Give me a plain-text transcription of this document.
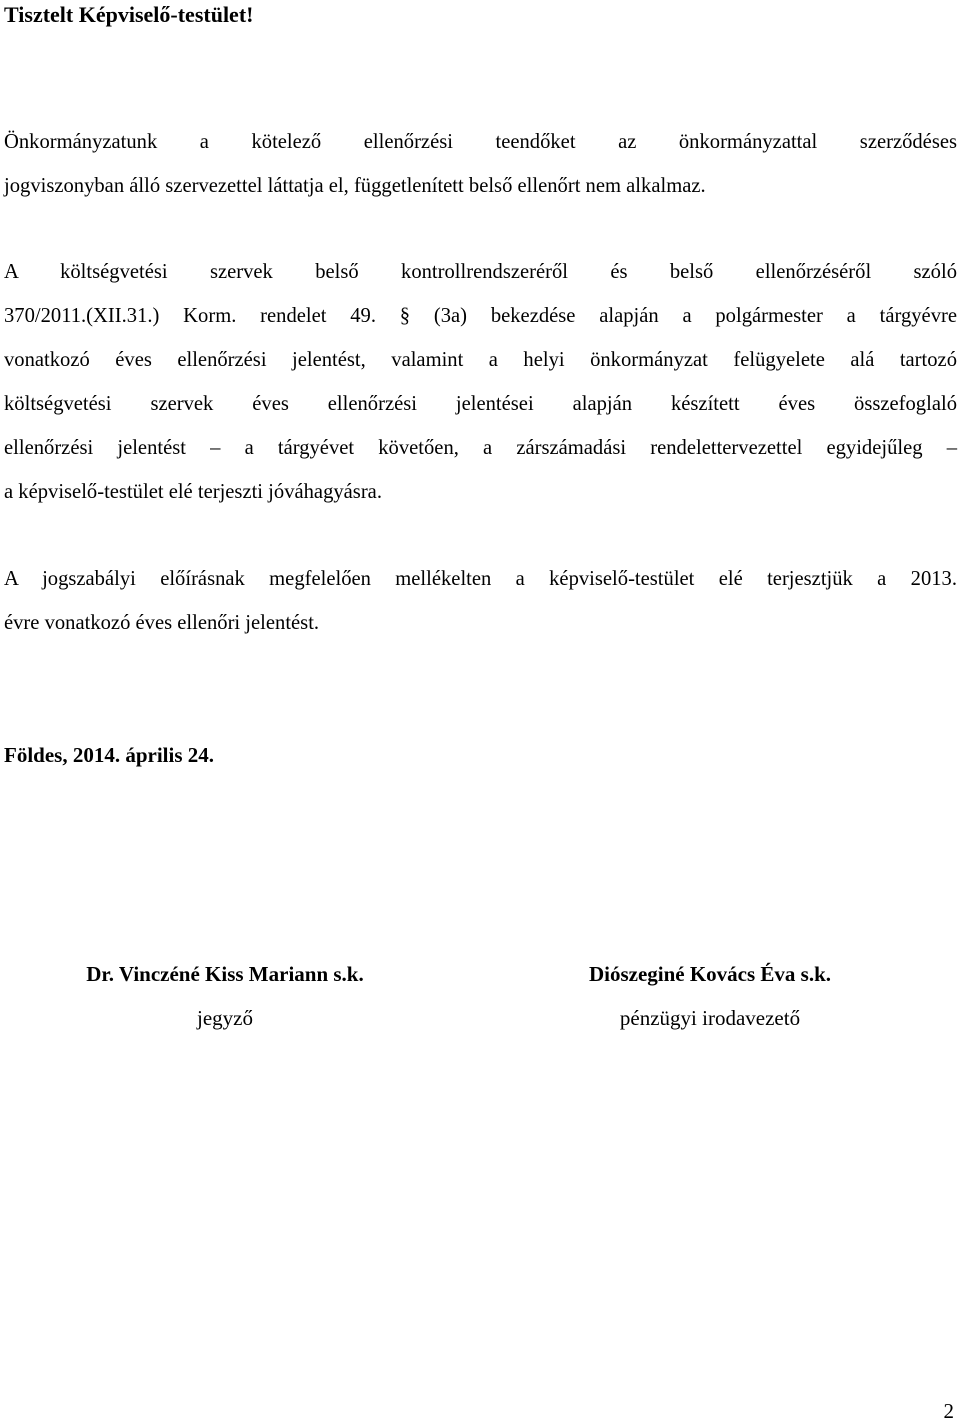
Tisztelt Képviselő-testület!

Önkormányzatunk a kötelező ellenőrzési teendőket az önkormányzattal szerződéses
jogviszonyban álló szervezettel láttatja el, függetlenített belső ellenőrt nem alkalmaz.

A költségvetési szervek belső kontrollrendszeréről és belső ellenőrzéséről szóló
370/2011.(XII.31.) Korm. rendelet 49. § (3a) bekezdése alapján a polgármester a tárgyévre
vonatkozó éves ellenőrzési jelentést, valamint a helyi önkormányzat felügyelete alá tartozó
költségvetési szervek éves ellenőrzési jelentései alapján készített éves összefoglaló
ellenőrzési jelentést – a tárgyévet követően, a zárszámadási rendelettervezettel egyidejűleg –
a képviselő-testület elé terjeszti jóváhagyásra.

A jogszabályi előírásnak megfelelően mellékelten a képviselő-testület elé terjesztjük a 2013.
évre vonatkozó éves ellenőri jelentést.

Földes, 2014. április 24.

Dr. Vinczéné Kiss Mariann s.k.
jegyző
Diószeginé Kovács Éva s.k.
pénzügyi irodavezető

2
